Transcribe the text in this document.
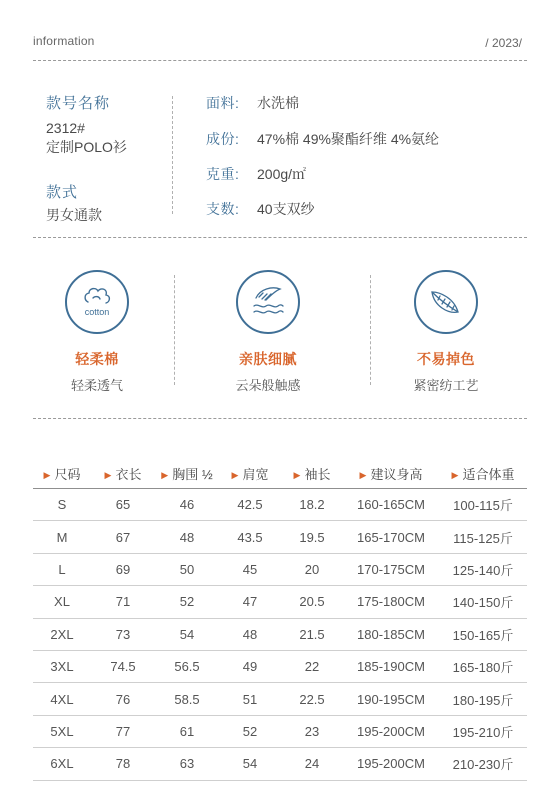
information	/ 2023/
款号名称
2312#
定制POLO衫
款式
男女通款
面料: 水洗棉
成份: 47%棉 49%聚酯纤维 4%氨纶
克重: 200g/㎡
支数: 40支双纱
cotton
轻柔棉
轻柔透气
亲肤细腻
云朵般触感
不易掉色
紧密纺工艺
▶ 尺码	▶ 衣长	▶ 胸围 ½	▶ 肩宽	▶ 袖长	▶ 建议身高	▶ 适合体重
S	65	46	42.5	18.2	160-165CM	100-115斤
M	67	48	43.5	19.5	165-170CM	115-125斤
L	69	50	45	20	170-175CM	125-140斤
XL	71	52	47	20.5	175-180CM	140-150斤
2XL	73	54	48	21.5	180-185CM	150-165斤
3XL	74.5	56.5	49	22	185-190CM	165-180斤
4XL	76	58.5	51	22.5	190-195CM	180-195斤
5XL	77	61	52	23	195-200CM	195-210斤
6XL	78	63	54	24	195-200CM	210-230斤
